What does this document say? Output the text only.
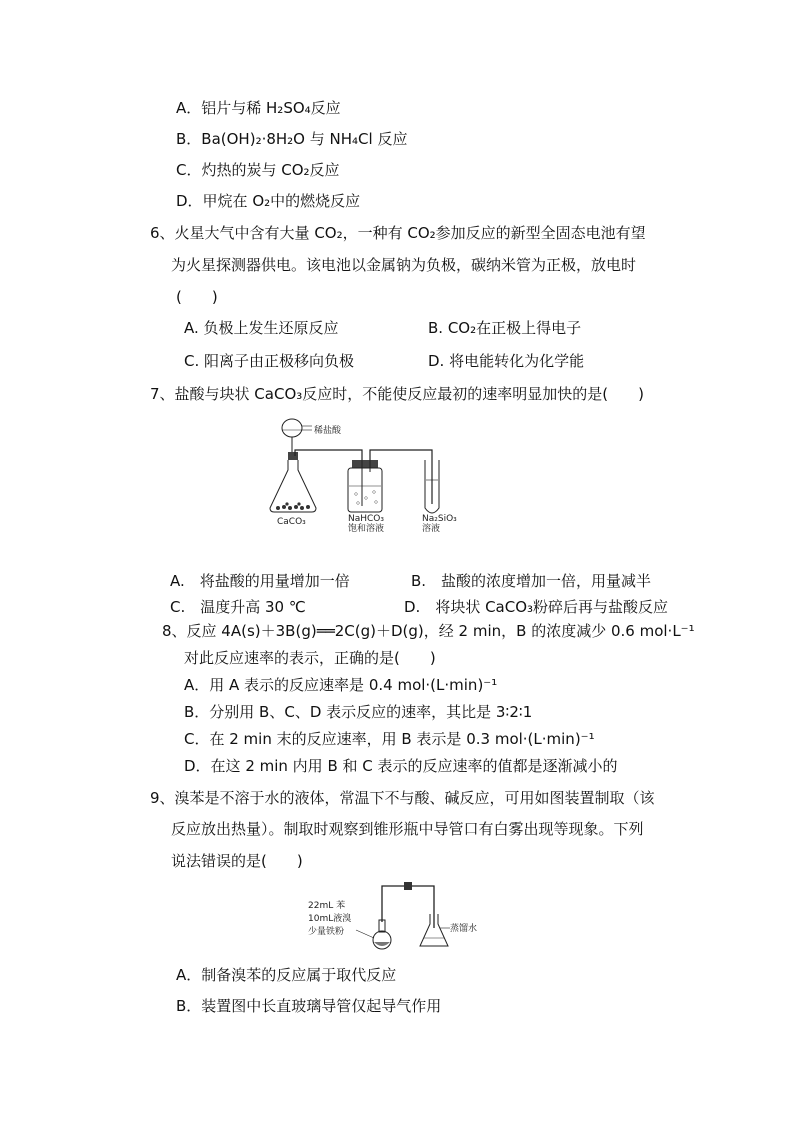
A．铝片与稀 H₂SO₄反应
B．Ba(OH)₂·8H₂O 与 NH₄Cl 反应
C．灼热的炭与 CO₂反应
D．甲烷在 O₂中的燃烧反应
6、火星大气中含有大量 CO₂，一种有 CO₂参加反应的新型全固态电池有望
为火星探测器供电。该电池以金属钠为负极，碳纳米管为正极，放电时
(　　)
A. 负极上发生还原反应	B. CO₂在正极上得电子
C. 阳离子由正极移向负极	D. 将电能转化为化学能
7、盐酸与块状 CaCO₃反应时，不能使反应最初的速率明显加快的是(　　)
稀盐酸
CaCO₃	NaHCO₃
饱和溶液
Na₂SiO₃
溶液
A.　将盐酸的用量增加一倍	B.　盐酸的浓度增加一倍，用量减半
C.　温度升高 30 ℃	D.　将块状 CaCO₃粉碎后再与盐酸反应
8、反应 4A(s)＋3B(g)══2C(g)＋D(g)，经 2 min，B 的浓度减少 0.6 mol·L⁻¹
对此反应速率的表示，正确的是(　　)
A．用 A 表示的反应速率是 0.4 mol·(L·min)⁻¹
B．分别用 B、C、D 表示反应的速率，其比是 3∶2∶1
C．在 2 min 末的反应速率，用 B 表示是 0.3 mol·(L·min)⁻¹
D．在这 2 min 内用 B 和 C 表示的反应速率的值都是逐渐减小的
9、溴苯是不溶于水的液体，常温下不与酸、碱反应，可用如图装置制取（该
反应放出热量）。制取时观察到锥形瓶中导管口有白雾出现等现象。下列
说法错误的是(　　)
22mL 苯
10mL液溴
少量铁粉	蒸馏水
A．制备溴苯的反应属于取代反应
B．装置图中长直玻璃导管仅起导气作用
